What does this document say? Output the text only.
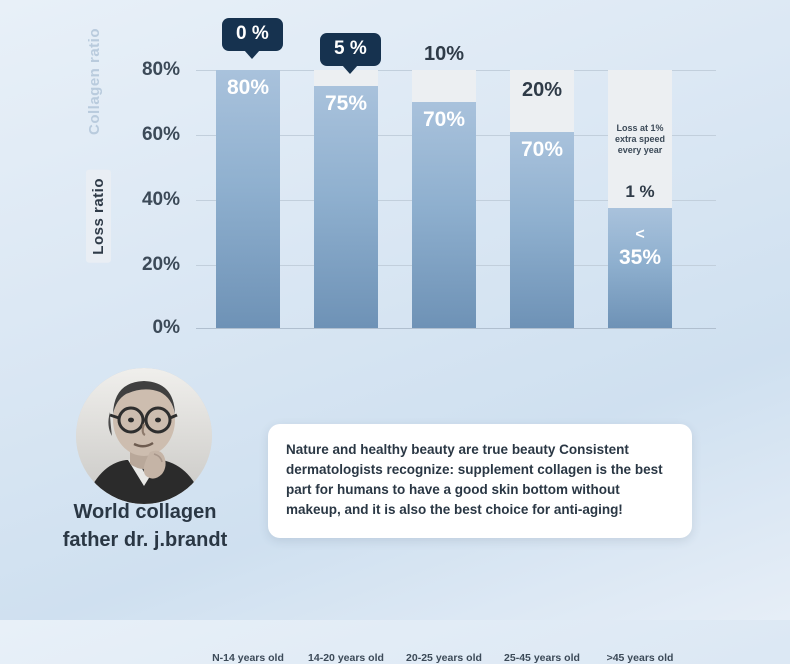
80%
60%
40%
20%
0%
Collagen ratio
Loss ratio
80%
N-14 years old
75%
14-20 years old
10%
70%
20-25 years old
20%
70%
25-45 years old
Loss at 1% extra speed every year
1 %
<
35%
>45 years old
0 %
5 %
World collagen
father dr. j.brandt
Nature and healthy beauty are true beauty Consistent dermatologists recognize: supplement collagen is the best part for humans to have a good skin bottom without makeup, and it is also the best choice for anti-aging!
